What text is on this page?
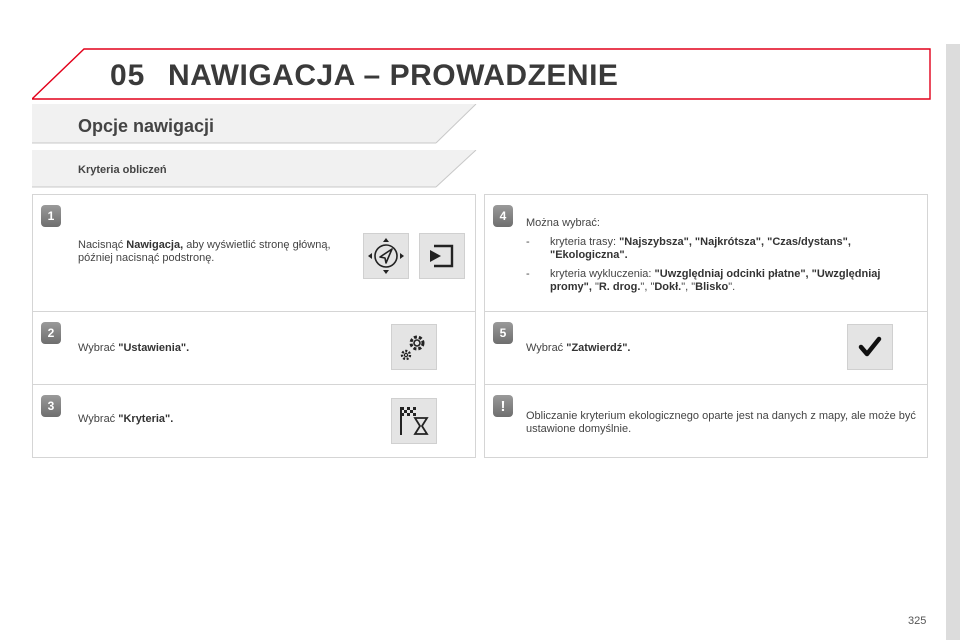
05 NAWIGACJA – PROWADZENIE
Opcje nawigacji
Kryteria obliczeń
1
Nacisnąć Nawigacja, aby wyświetlić stronę główną, później nacisnąć podstronę.
2
Wybrać "Ustawienia".
3
Wybrać "Kryteria".
4	Można wybrać:
- kryteria trasy: "Najszybsza", "Najkrótsza", "Czas/dystans", "Ekologiczna".
- kryteria wykluczenia: "Uwzględniaj odcinki płatne", "Uwzględniaj promy", "R. drog.", "Dokł.", "Blisko".
5
Wybrać "Zatwierdź".
!
Obliczanie kryterium ekologicznego oparte jest na danych z mapy, ale może być ustawione domyślnie.
325
